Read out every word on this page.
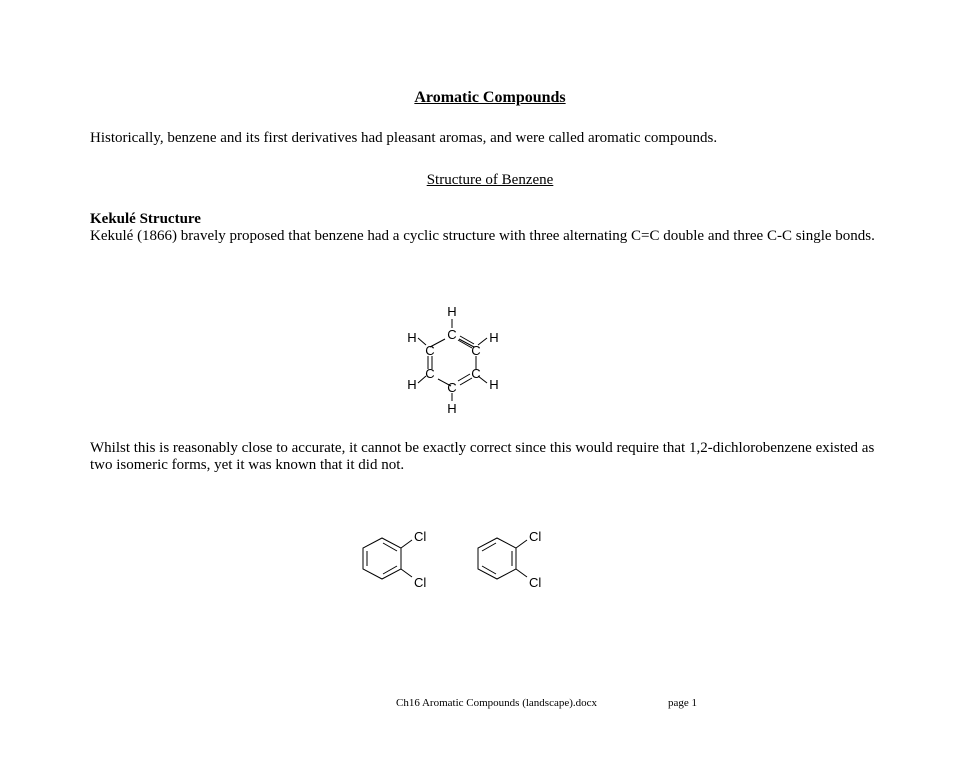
Aromatic Compounds
Historically, benzene and its first derivatives had pleasant aromas, and were called aromatic compounds.
Structure of Benzene
Kekulé Structure
Kekulé (1866) bravely proposed that benzene had a cyclic structure with three alternating C=C double and three C-C single bonds.
H
C
H
C	C
H
C	C
H	H
C
H
Whilst this is reasonably close to accurate, it cannot be exactly correct since this would require that 1,2-dichlorobenzene existed as two isomeric forms, yet it was known that it did not.
Cl
Cl
Cl
Cl
Ch16 Aromatic Compounds (landscape).docx	page 1
